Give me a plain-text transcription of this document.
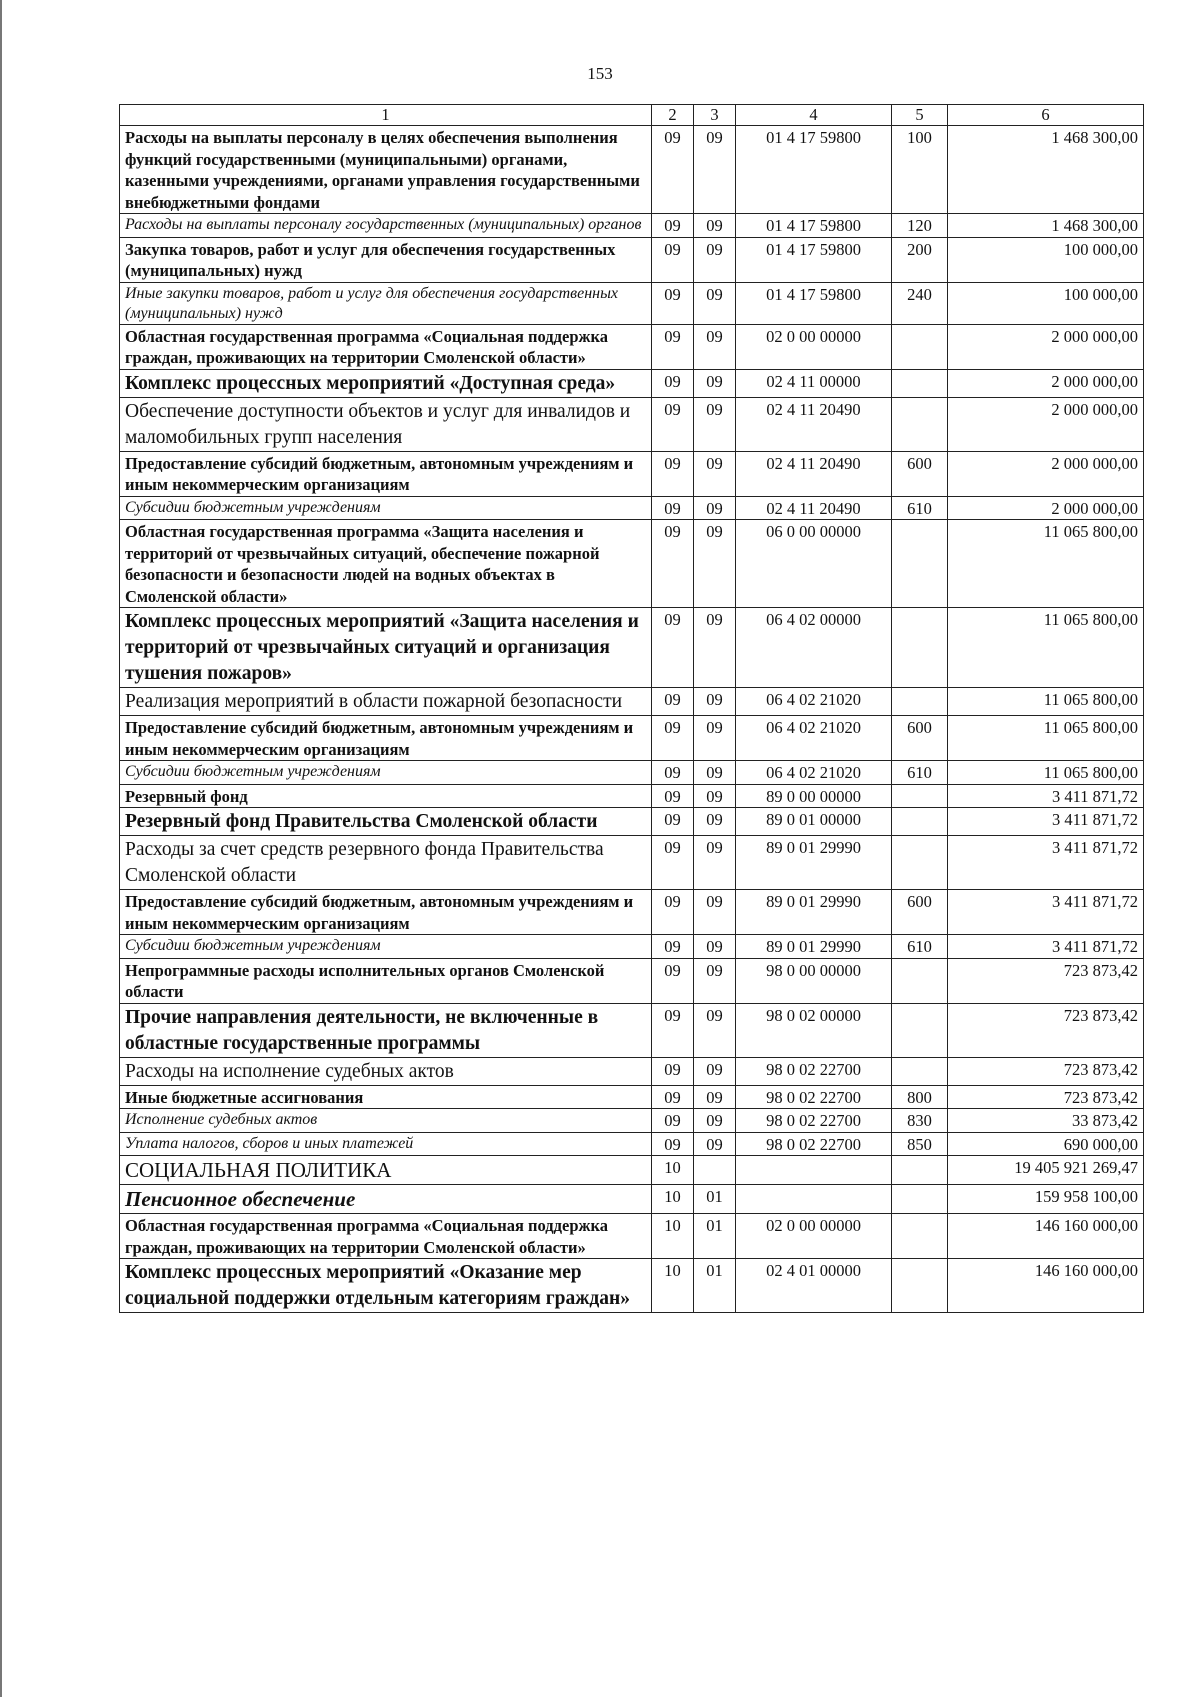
153
1	2	3	4	5	6
Расходы на выплаты персоналу в целях обеспечения выполнения функций государственными (муниципальными) органами, казенными учреждениями, органами управления государственными внебюджетными фондами	09	09	01 4 17 59800	100	1 468 300,00
Расходы на выплаты персоналу государственных (муниципальных) органов	09	09	01 4 17 59800	120	1 468 300,00
Закупка товаров, работ и услуг для обеспечения государственных (муниципальных) нужд	09	09	01 4 17 59800	200	100 000,00
Иные закупки товаров, работ и услуг для обеспечения государственных (муниципальных) нужд	09	09	01 4 17 59800	240	100 000,00
Областная государственная программа «Социальная поддержка граждан, проживающих на территории Смоленской области»	09	09	02 0 00 00000		2 000 000,00
Комплекс процессных мероприятий «Доступная среда»	09	09	02 4 11 00000		2 000 000,00
Обеспечение доступности объектов и услуг для инвалидов и маломобильных групп населения	09	09	02 4 11 20490		2 000 000,00
Предоставление субсидий бюджетным, автономным учреждениям и иным некоммерческим организациям	09	09	02 4 11 20490	600	2 000 000,00
Субсидии бюджетным учреждениям	09	09	02 4 11 20490	610	2 000 000,00
Областная государственная программа «Защита населения и территорий от чрезвычайных ситуаций, обеспечение пожарной безопасности и безопасности людей на водных объектах в Смоленской области»	09	09	06 0 00 00000		11 065 800,00
Комплекс процессных мероприятий «Защита населения и территорий от чрезвычайных ситуаций и организация тушения пожаров»	09	09	06 4 02 00000		11 065 800,00
Реализация мероприятий в области пожарной безопасности	09	09	06 4 02 21020		11 065 800,00
Предоставление субсидий бюджетным, автономным учреждениям и иным некоммерческим организациям	09	09	06 4 02 21020	600	11 065 800,00
Субсидии бюджетным учреждениям	09	09	06 4 02 21020	610	11 065 800,00
Резервный фонд	09	09	89 0 00 00000		3 411 871,72
Резервный фонд Правительства Смоленской области	09	09	89 0 01 00000		3 411 871,72
Расходы за счет средств резервного фонда Правительства Смоленской области	09	09	89 0 01 29990		3 411 871,72
Предоставление субсидий бюджетным, автономным учреждениям и иным некоммерческим организациям	09	09	89 0 01 29990	600	3 411 871,72
Субсидии бюджетным учреждениям	09	09	89 0 01 29990	610	3 411 871,72
Непрограммные расходы исполнительных органов Смоленской области	09	09	98 0 00 00000		723 873,42
Прочие направления деятельности, не включенные в областные государственные программы	09	09	98 0 02 00000		723 873,42
Расходы на исполнение судебных актов	09	09	98 0 02 22700		723 873,42
Иные бюджетные ассигнования	09	09	98 0 02 22700	800	723 873,42
Исполнение судебных актов	09	09	98 0 02 22700	830	33 873,42
Уплата налогов, сборов и иных платежей	09	09	98 0 02 22700	850	690 000,00
СОЦИАЛЬНАЯ ПОЛИТИКА	10				19 405 921 269,47
Пенсионное обеспечение	10	01			159 958 100,00
Областная государственная программа «Социальная поддержка граждан, проживающих на территории Смоленской области»	10	01	02 0 00 00000		146 160 000,00
Комплекс процессных мероприятий «Оказание мер социальной поддержки отдельным категориям граждан»	10	01	02 4 01 00000		146 160 000,00
